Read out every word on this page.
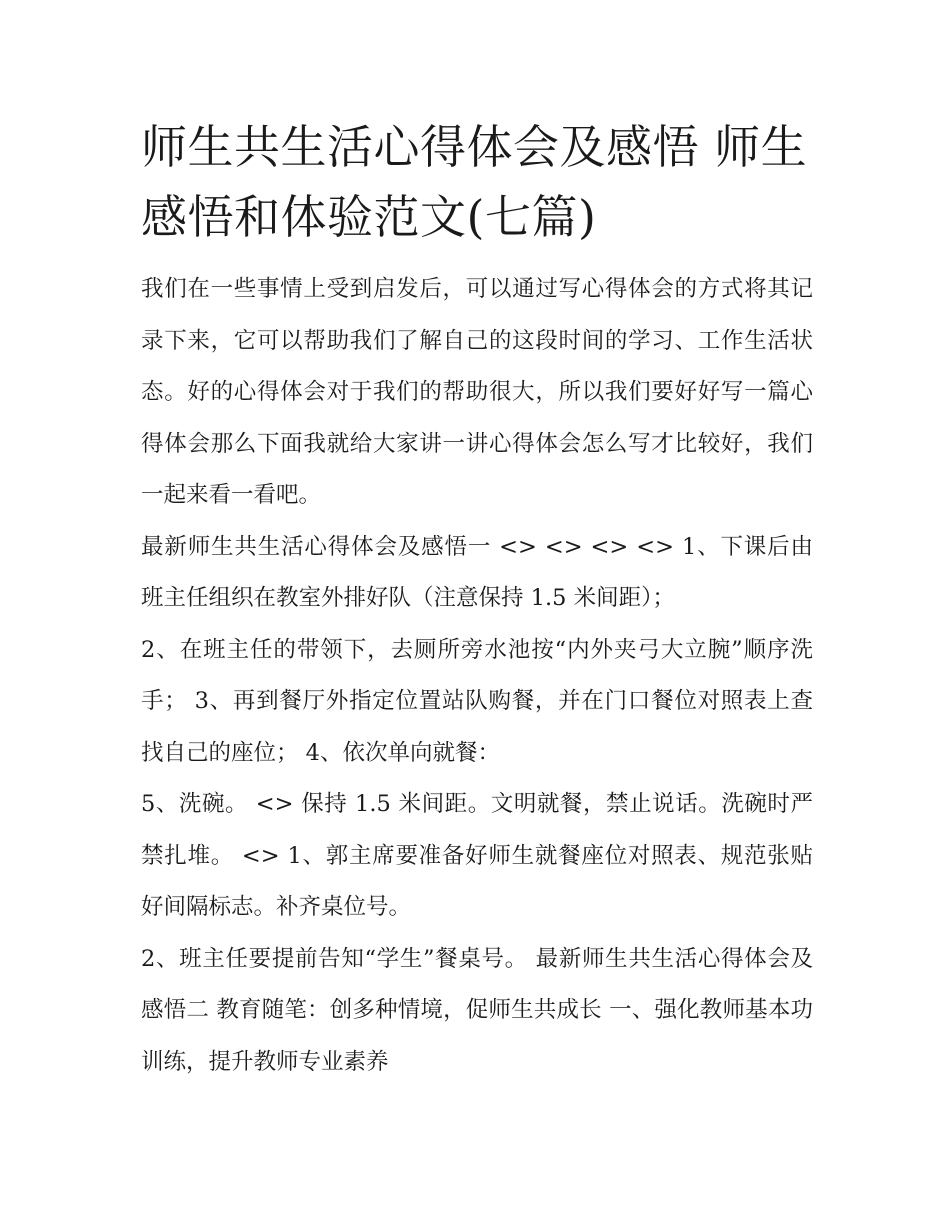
师生共生活心得体会及感悟 师生感悟和体验范文(七篇)

我们在一些事情上受到启发后，可以通过写心得体会的方式将其记录下来，它可以帮助我们了解自己的这段时间的学习、工作生活状态。好的心得体会对于我们的帮助很大，所以我们要好好写一篇心得体会那么下面我就给大家讲一讲心得体会怎么写才比较好，我们一起来看一看吧。

最新师生共生活心得体会及感悟一 <> <> <> <> 1、下课后由班主任组织在教室外排好队（注意保持 1.5 米间距）；

2、在班主任的带领下，去厕所旁水池按“内外夹弓大立腕”顺序洗手； 3、再到餐厅外指定位置站队购餐，并在门口餐位对照表上查找自己的座位； 4、依次单向就餐：

5、洗碗。 <> 保持 1.5 米间距。文明就餐，禁止说话。洗碗时严禁扎堆。 <> 1、郭主席要准备好师生就餐座位对照表、规范张贴好间隔标志。补齐桌位号。

2、班主任要提前告知“学生”餐桌号。 最新师生共生活心得体会及感悟二 教育随笔：创多种情境，促师生共成长 一、强化教师基本功训练，提升教师专业素养
